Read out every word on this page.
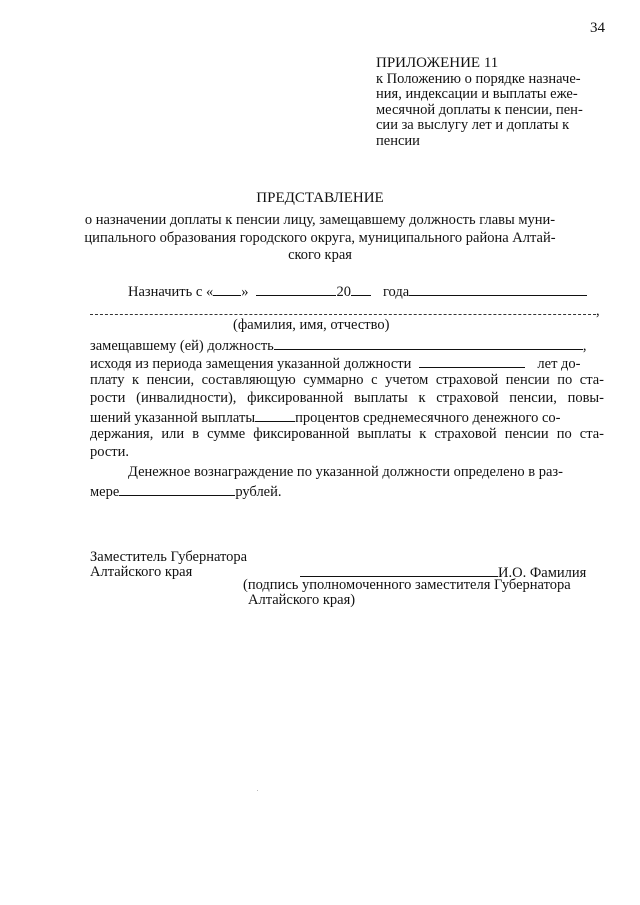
34
ПРИЛОЖЕНИЕ 11
к Положению о порядке назначе-
ния, индексации и выплаты еже-
месячной доплаты к пенсии, пен-
сии за выслугу лет и доплаты к
пенсии
ПРЕДСТАВЛЕНИЕ
о назначении доплаты к пенсии лицу, замещавшему должность главы муни-
ципального образования городского округа, муниципального района Алтай-
ского края
Назначить с « »	20 года
,
(фамилия, имя, отчество)
замещавшему (ей) должность	,
исходя из периода замещения указанной должности	лет до-
плату к пенсии, составляющую суммарно с учетом страховой пенсии по ста-
рости (инвалидности), фиксированной выплаты к страховой пенсии, повы-
шений указанной выплаты	процентов среднемесячного денежного со-
держания, или в сумме фиксированной выплаты к страховой пенсии по ста-
рости.
Денежное вознаграждение по указанной должности определено в раз-
мере	рублей.
Заместитель Губернатора
Алтайского края	И.О. Фамилия
(подпись уполномоченного заместителя Губернатора
Алтайского края)
